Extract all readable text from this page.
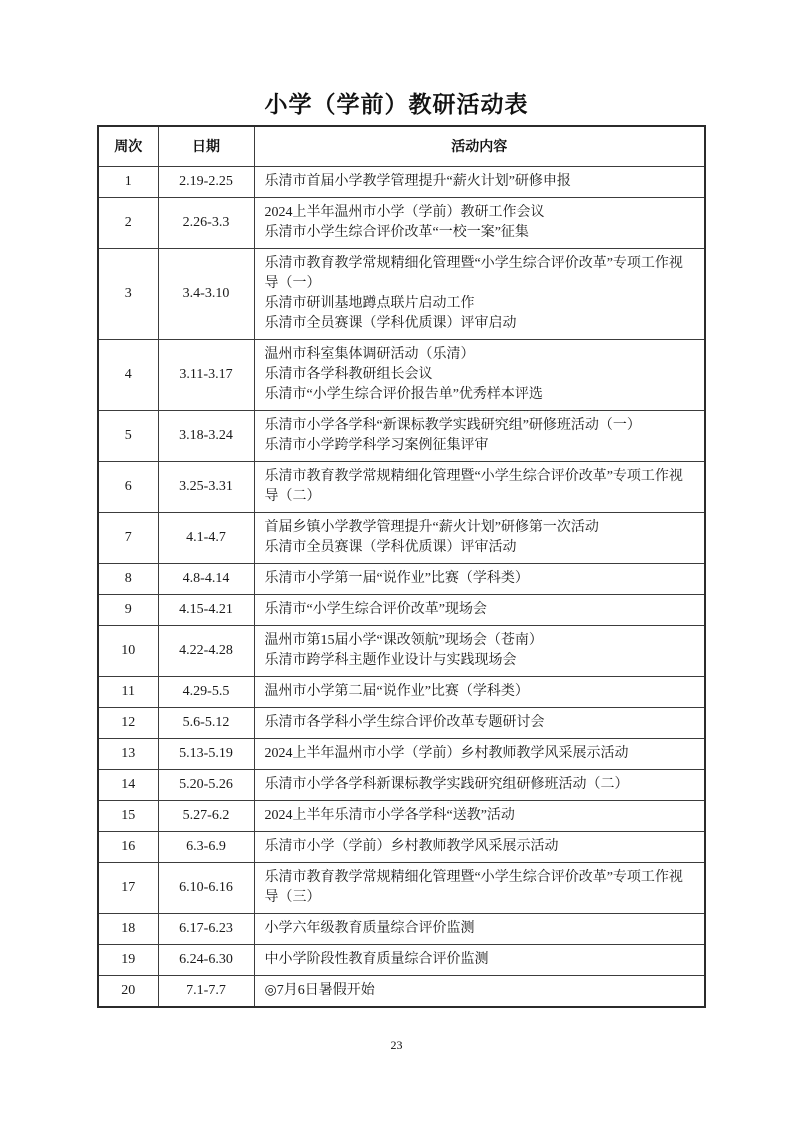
小学（学前）教研活动表
周次	日期	活动内容
1	2.19-2.25	乐清市首届小学教学管理提升“薪火计划”研修申报

2	2.26-3.3	2024上半年温州市小学（学前）教研工作会议
乐清市小学生综合评价改革“一校一案”征集

3	3.4-3.10	乐清市教育教学常规精细化管理暨“小学生综合评价改革”专项工作视导（一）
乐清市研训基地蹲点联片启动工作
乐清市全员赛课（学科优质课）评审启动

4	3.11-3.17	温州市科室集体调研活动（乐清）
乐清市各学科教研组长会议
乐清市“小学生综合评价报告单”优秀样本评选

5	3.18-3.24	乐清市小学各学科“新课标教学实践研究组”研修班活动（一）
乐清市小学跨学科学习案例征集评审

6	3.25-3.31	乐清市教育教学常规精细化管理暨“小学生综合评价改革”专项工作视导（二）

7	4.1-4.7	首届乡镇小学教学管理提升“薪火计划”研修第一次活动
乐清市全员赛课（学科优质课）评审活动

8	4.8-4.14	乐清市小学第一届“说作业”比赛（学科类）

9	4.15-4.21	乐清市“小学生综合评价改革”现场会

10	4.22-4.28	温州市第15届小学“课改领航”现场会（苍南）
乐清市跨学科主题作业设计与实践现场会

11	4.29-5.5	温州市小学第二届“说作业”比赛（学科类）

12	5.6-5.12	乐清市各学科小学生综合评价改革专题研讨会

13	5.13-5.19	2024上半年温州市小学（学前）乡村教师教学风采展示活动

14	5.20-5.26	乐清市小学各学科新课标教学实践研究组研修班活动（二）

15	5.27-6.2	2024上半年乐清市小学各学科“送教”活动

16	6.3-6.9	乐清市小学（学前）乡村教师教学风采展示活动

17	6.10-6.16	乐清市教育教学常规精细化管理暨“小学生综合评价改革”专项工作视导（三）

18	6.17-6.23	小学六年级教育质量综合评价监测

19	6.24-6.30	中小学阶段性教育质量综合评价监测

20	7.1-7.7	◎7月6日暑假开始
23
